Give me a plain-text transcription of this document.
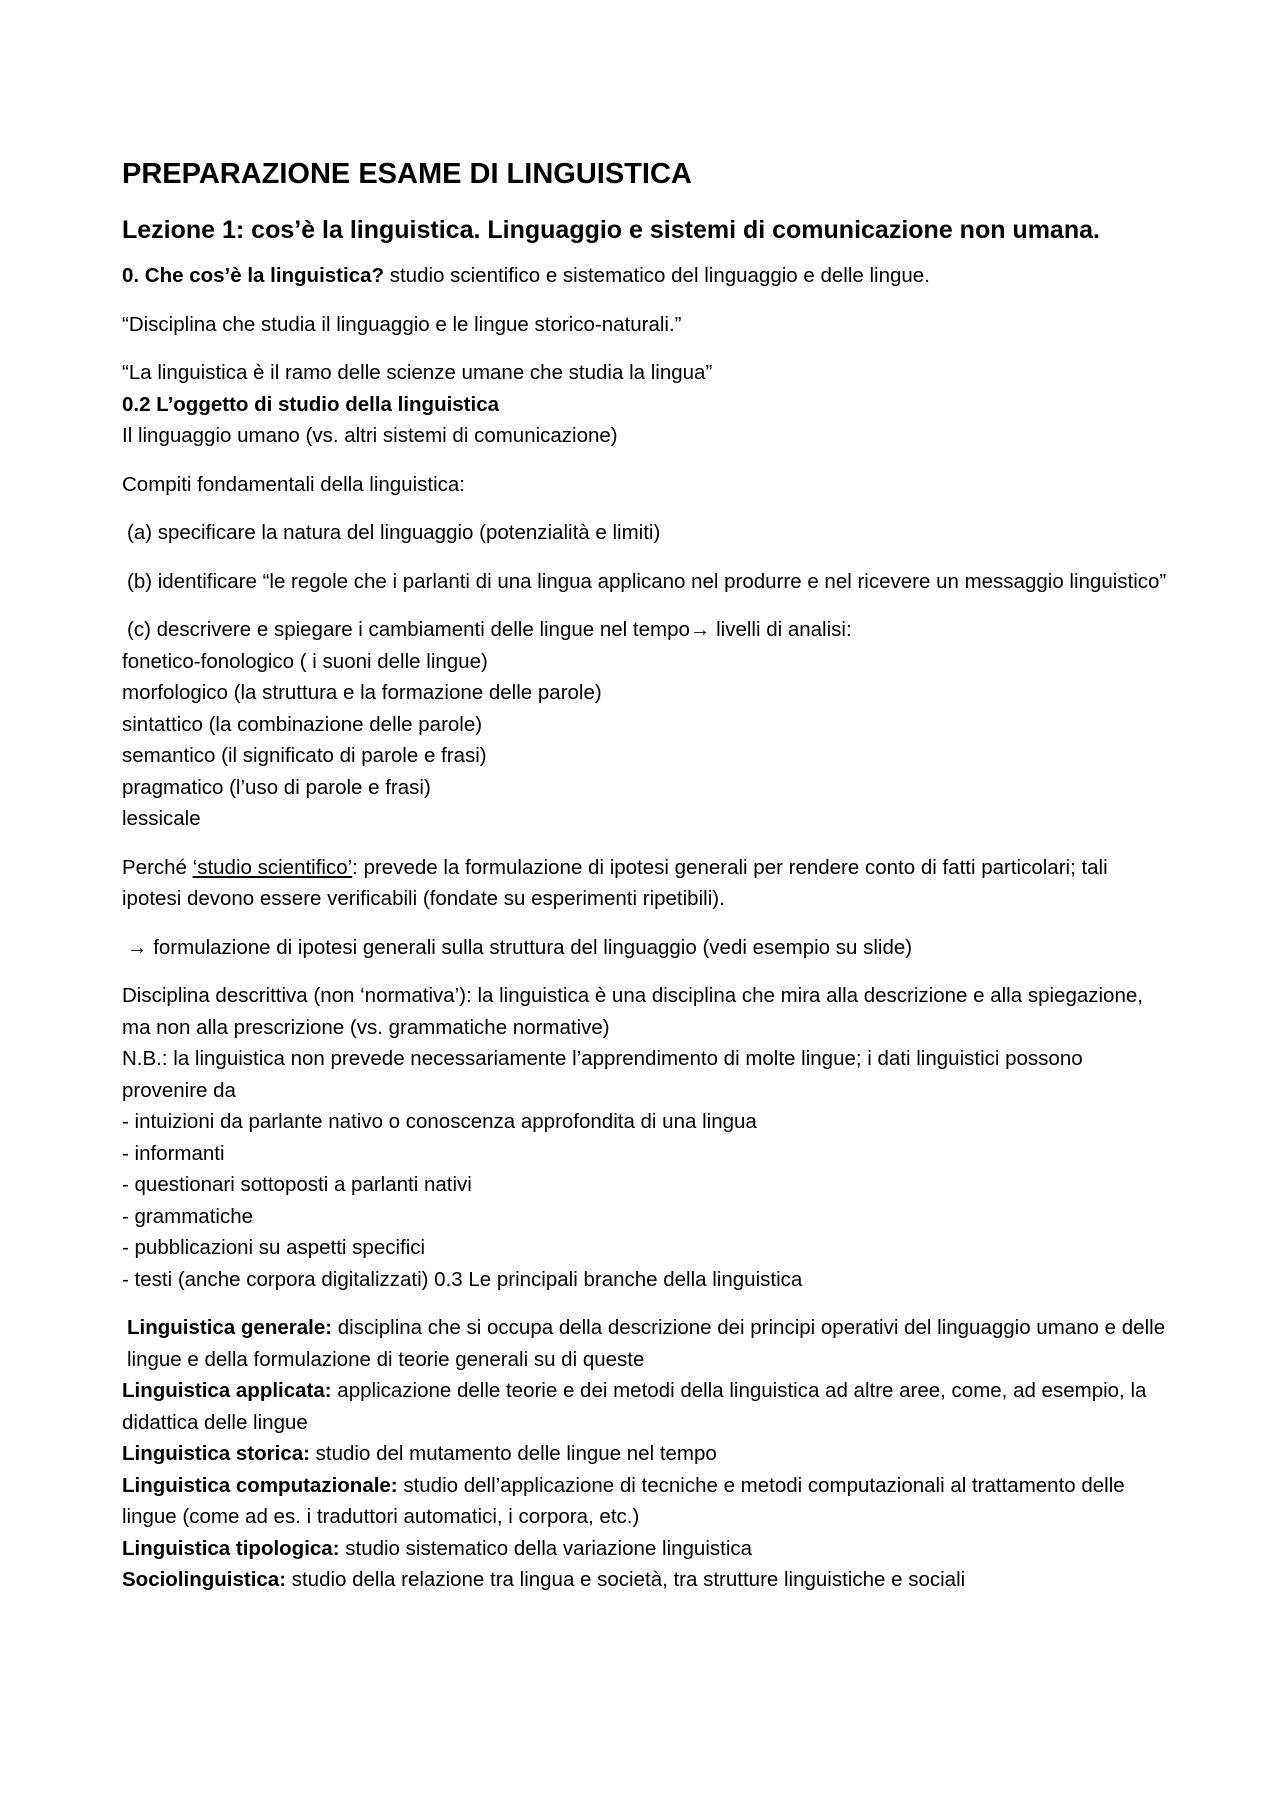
PREPARAZIONE ESAME DI LINGUISTICA
Lezione 1: cos’è la linguistica. Linguaggio e sistemi di comunicazione non umana.

0. Che cos’è la linguistica? studio scientifico e sistematico del linguaggio e delle lingue.

“Disciplina che studia il linguaggio e le lingue storico-naturali.”

“La linguistica è il ramo delle scienze umane che studia la lingua”
0.2 L’oggetto di studio della linguistica
Il linguaggio umano (vs. altri sistemi di comunicazione)

Compiti fondamentali della linguistica:

(a) specificare la natura del linguaggio (potenzialità e limiti)

(b) identificare “le regole che i parlanti di una lingua applicano nel produrre e nel ricevere un messaggio linguistico”

(c) descrivere e spiegare i cambiamenti delle lingue nel tempo→ livelli di analisi:
fonetico-fonologico ( i suoni delle lingue)
morfologico (la struttura e la formazione delle parole)
sintattico (la combinazione delle parole)
semantico (il significato di parole e frasi)
pragmatico (l’uso di parole e frasi)
lessicale

Perché ‘studio scientifico’: prevede la formulazione di ipotesi generali per rendere conto di fatti particolari; tali ipotesi devono essere verificabili (fondate su esperimenti ripetibili).

→ formulazione di ipotesi generali sulla struttura del linguaggio (vedi esempio su slide)

Disciplina descrittiva (non ‘normativa’): la linguistica è una disciplina che mira alla descrizione e alla spiegazione, ma non alla prescrizione (vs. grammatiche normative)
N.B.: la linguistica non prevede necessariamente l’apprendimento di molte lingue; i dati linguistici possono provenire da
- intuizioni da parlante nativo o conoscenza approfondita di una lingua
- informanti
- questionari sottoposti a parlanti nativi
- grammatiche
- pubblicazioni su aspetti specifici
- testi (anche corpora digitalizzati) 0.3 Le principali branche della linguistica
Linguistica generale: disciplina che si occupa della descrizione dei principi operativi del linguaggio umano e delle lingue e della formulazione di teorie generali su di queste
Linguistica applicata: applicazione delle teorie e dei metodi della linguistica ad altre aree, come, ad esempio, la didattica delle lingue
Linguistica storica: studio del mutamento delle lingue nel tempo
Linguistica computazionale: studio dell’applicazione di tecniche e metodi computazionali al trattamento delle lingue (come ad es. i traduttori automatici, i corpora, etc.)
Linguistica tipologica: studio sistematico della variazione linguistica
Sociolinguistica: studio della relazione tra lingua e società, tra strutture linguistiche e sociali
